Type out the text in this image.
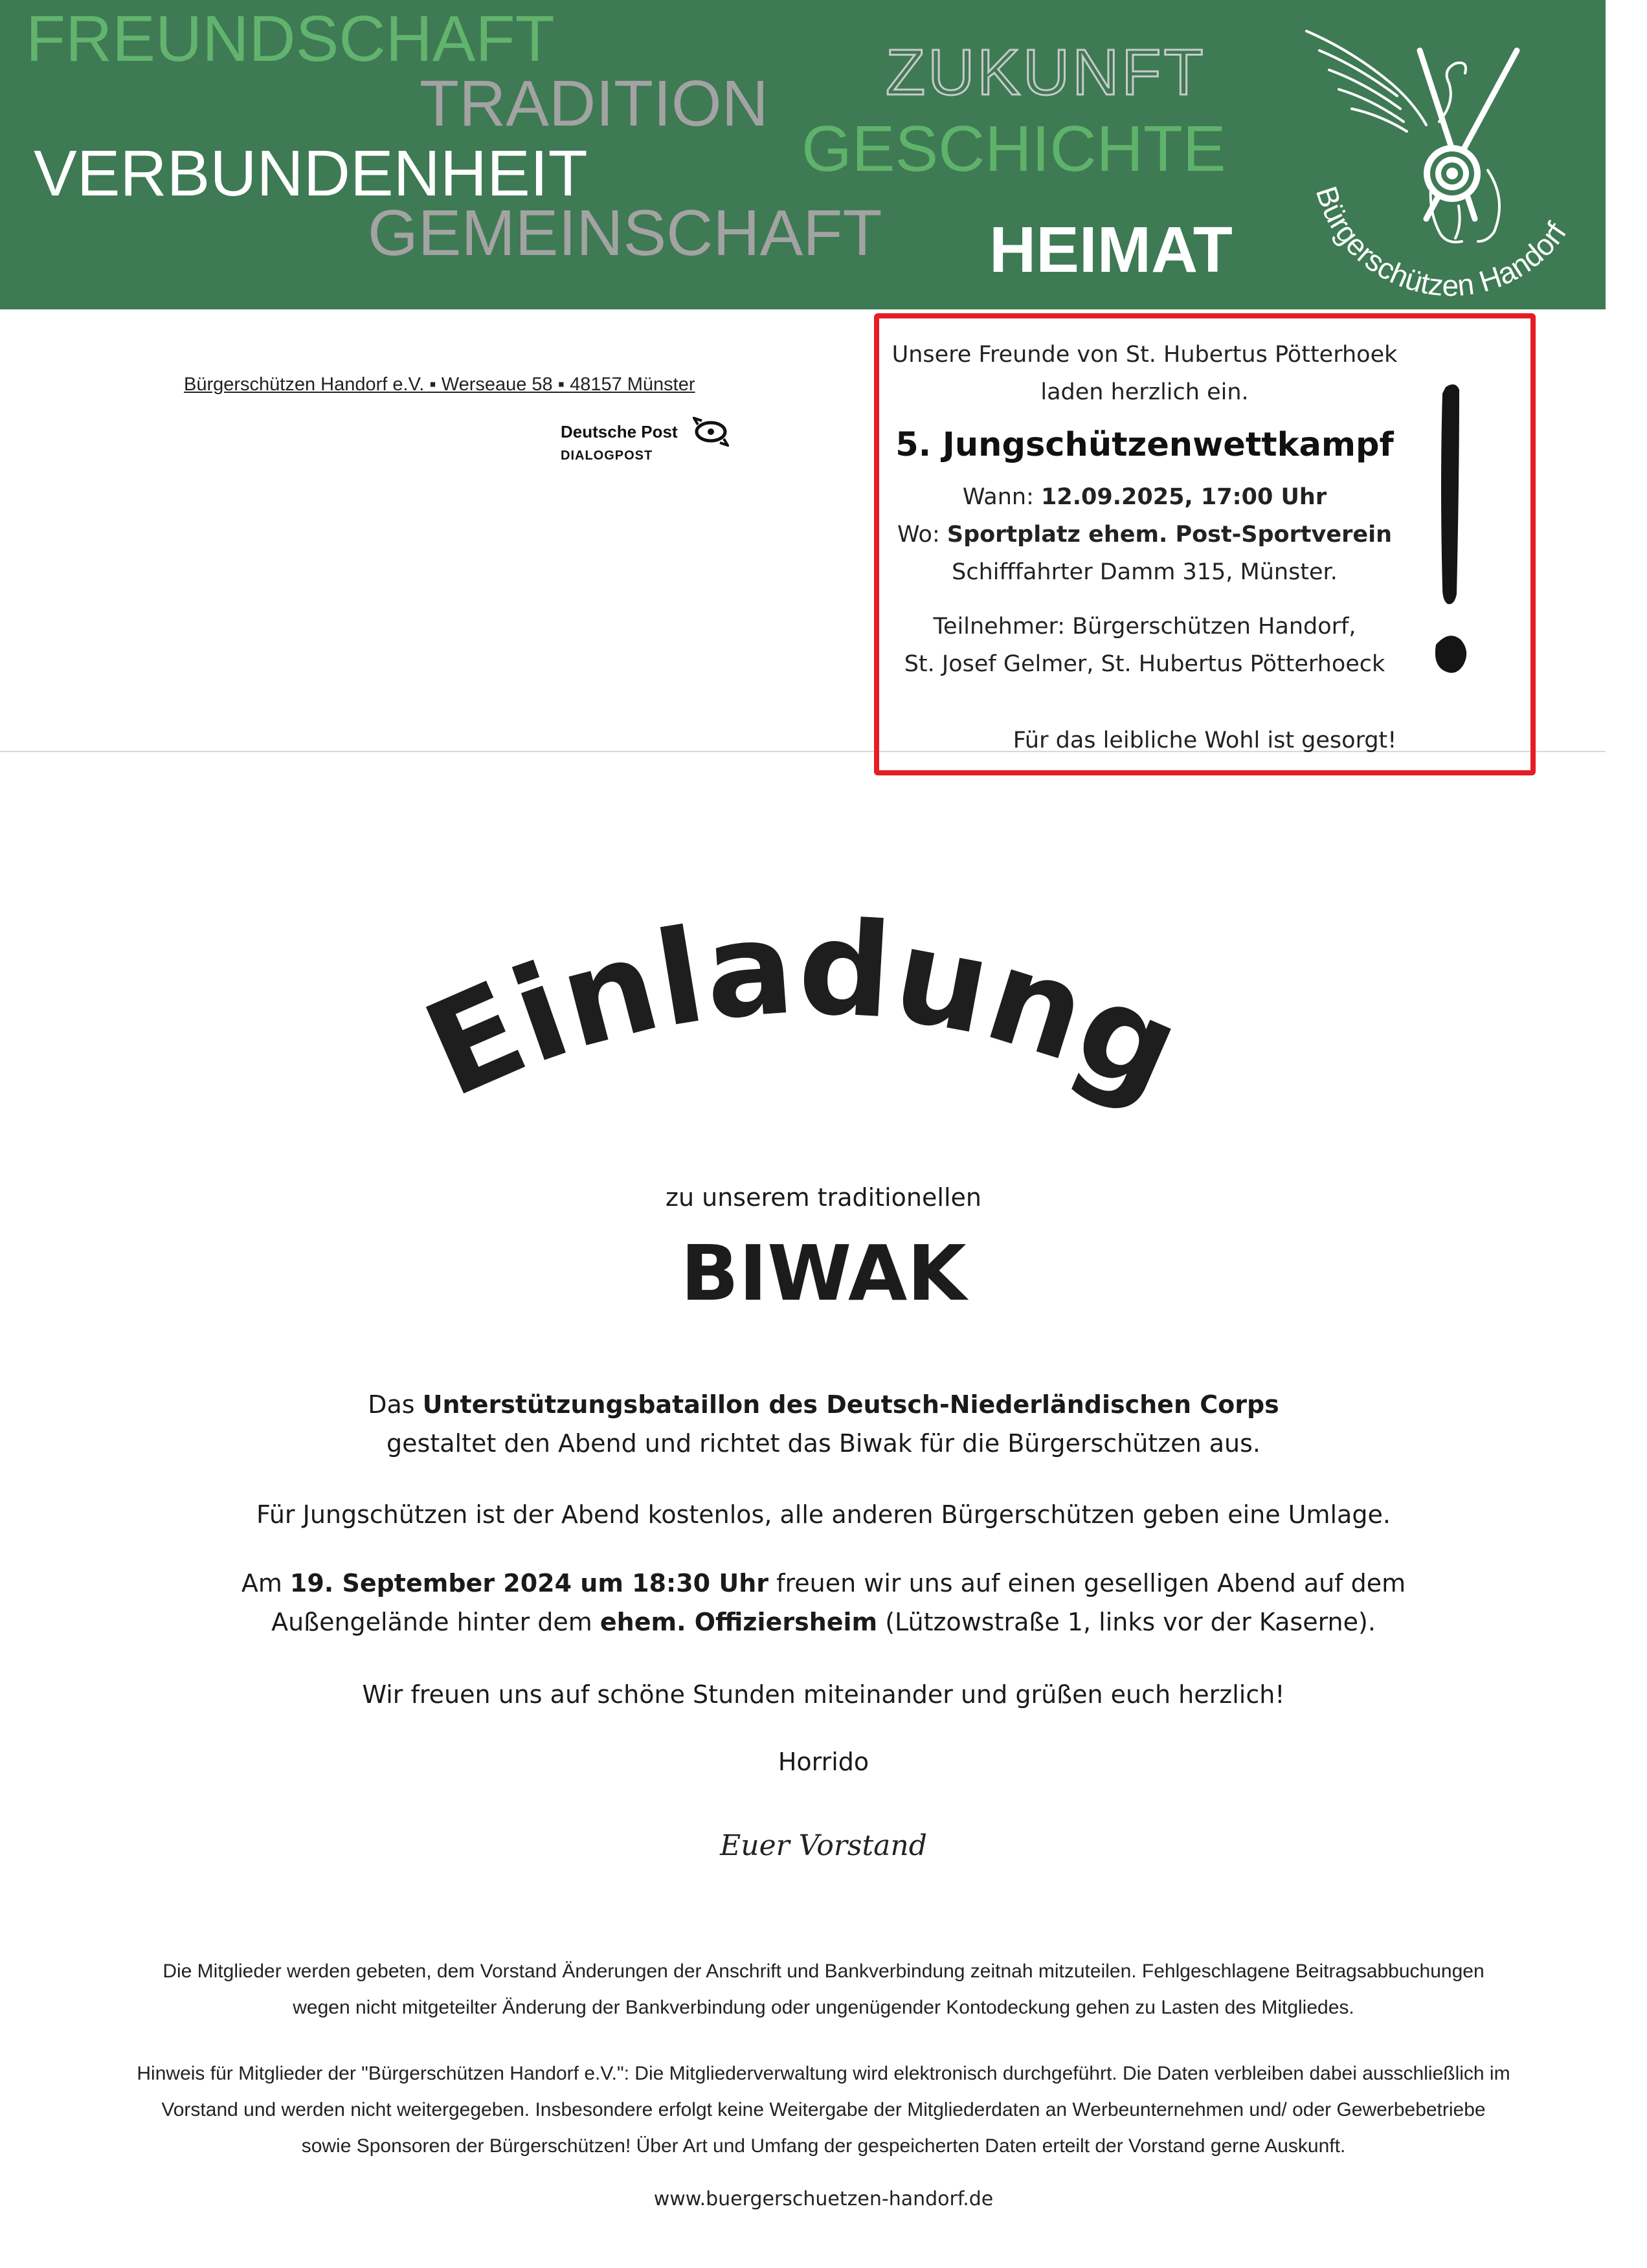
FREUNDSCHAFT
TRADITION ZUKUNFT
VERBUNDENHEIT	GESCHICHTE
GEMEINSCHAFT HEIMAT
Bürgerschützen Handorf
Bürgerschützen Handorf e.V. ▪ Werseaue 58 ▪ 48157 Münster
Deutsche Post
DIALOGPOST
Unsere Freunde von St. Hubertus Pötterhoek
laden herzlich ein.
5. Jungschützenwettkampf
Wann: 12.09.2025, 17:00 Uhr
Wo: Sportplatz ehem. Post-Sportverein
Schifffahrter Damm 315, Münster.
Teilnehmer: Bürgerschützen Handorf,
St. Josef Gelmer, St. Hubertus Pötterhoeck
Für das leibliche Wohl ist gesorgt!
Einladung
zu unserem traditionellen
BIWAK
Das Unterstützungsbataillon des Deutsch-Niederländischen Corps
gestaltet den Abend und richtet das Biwak für die Bürgerschützen aus.
Für Jungschützen ist der Abend kostenlos, alle anderen Bürgerschützen geben eine Umlage.
Am 19. September 2024 um 18:30 Uhr freuen wir uns auf einen geselligen Abend auf dem
Außengelände hinter dem ehem. Offiziersheim (Lützowstraße 1, links vor der Kaserne).
Wir freuen uns auf schöne Stunden miteinander und grüßen euch herzlich!
Horrido
Euer Vorstand
Die Mitglieder werden gebeten, dem Vorstand Änderungen der Anschrift und Bankverbindung zeitnah mitzuteilen. Fehlgeschlagene Beitragsabbuchungen
wegen nicht mitgeteilter Änderung der Bankverbindung oder ungenügender Kontodeckung gehen zu Lasten des Mitgliedes.
Hinweis für Mitglieder der "Bürgerschützen Handorf e.V.": Die Mitgliederverwaltung wird elektronisch durchgeführt. Die Daten verbleiben dabei ausschließlich im
Vorstand und werden nicht weitergegeben. Insbesondere erfolgt keine Weitergabe der Mitgliederdaten an Werbeunternehmen und/ oder Gewerbebetriebe
sowie Sponsoren der Bürgerschützen! Über Art und Umfang der gespeicherten Daten erteilt der Vorstand gerne Auskunft.
www.buergerschuetzen-handorf.de
